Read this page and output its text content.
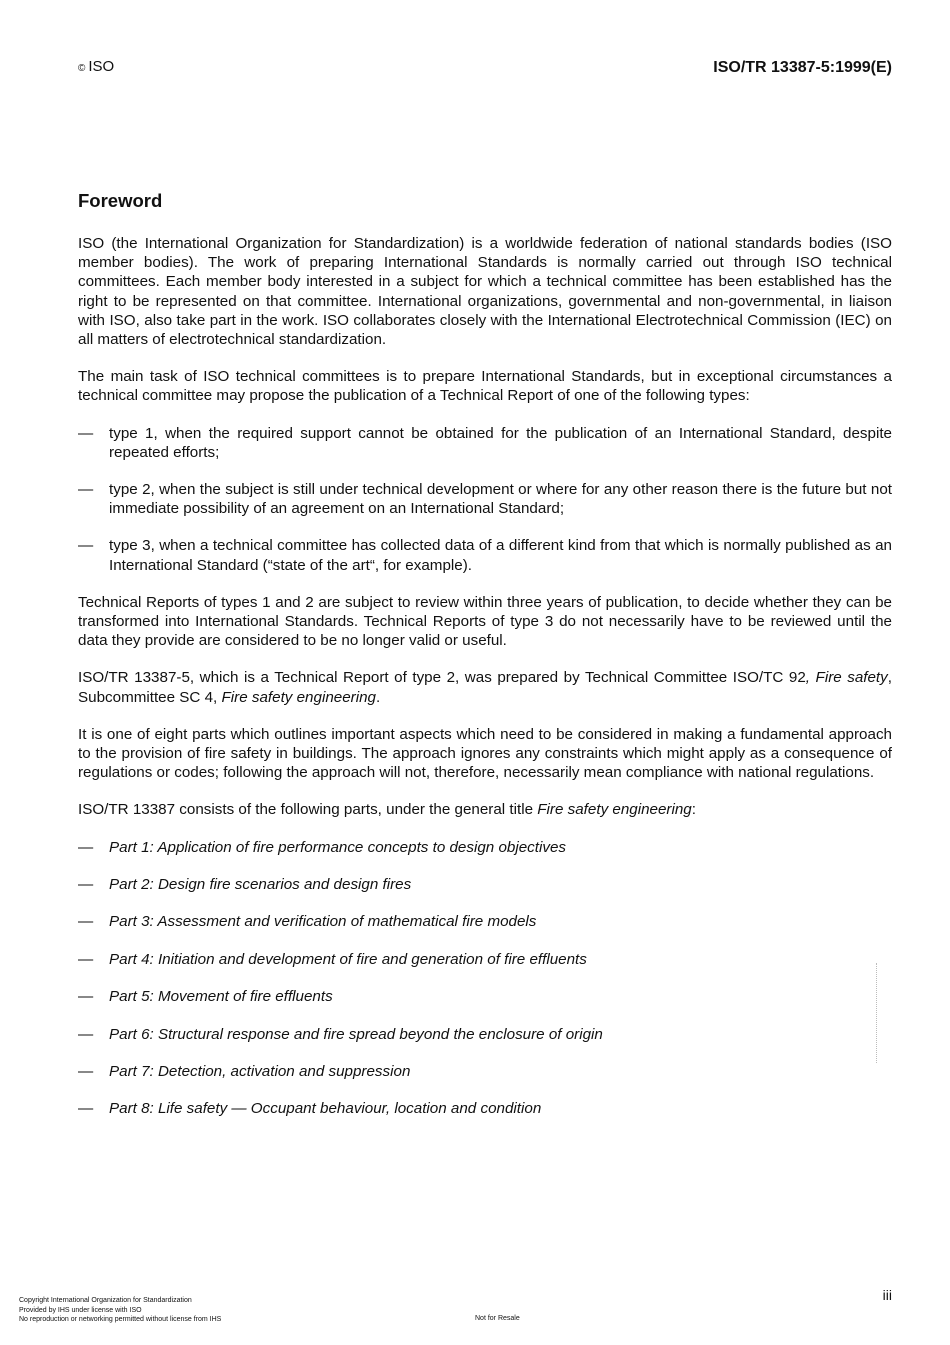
© ISO	ISO/TR 13387-5:1999(E)
Foreword

ISO (the International Organization for Standardization) is a worldwide federation of national standards bodies (ISO member bodies). The work of preparing International Standards is normally carried out through ISO technical committees. Each member body interested in a subject for which a technical committee has been established has the right to be represented on that committee. International organizations, governmental and non-governmental, in liaison with ISO, also take part in the work. ISO collaborates closely with the International Electrotechnical Commission (IEC) on all matters of electrotechnical standardization.

The main task of ISO technical committees is to prepare International Standards, but in exceptional circumstances a technical committee may propose the publication of a Technical Report of one of the following types:

— type 1, when the required support cannot be obtained for the publication of an International Standard, despite repeated efforts;
— type 2, when the subject is still under technical development or where for any other reason there is the future but not immediate possibility of an agreement on an International Standard;
— type 3, when a technical committee has collected data of a different kind from that which is normally published as an International Standard (“state of the art“, for example).

Technical Reports of types 1 and 2 are subject to review within three years of publication, to decide whether they can be transformed into International Standards. Technical Reports of type 3 do not necessarily have to be reviewed until the data they provide are considered to be no longer valid or useful.

ISO/TR 13387-5, which is a Technical Report of type 2, was prepared by Technical Committee ISO/TC 92, Fire safety, Subcommittee SC 4, Fire safety engineering.

It is one of eight parts which outlines important aspects which need to be considered in making a fundamental approach to the provision of fire safety in buildings. The approach ignores any constraints which might apply as a consequence of regulations or codes; following the approach will not, therefore, necessarily mean compliance with national regulations.

ISO/TR 13387 consists of the following parts, under the general title Fire safety engineering:

— Part 1: Application of fire performance concepts to design objectives
— Part 2: Design fire scenarios and design fires
— Part 3: Assessment and verification of mathematical fire models
— Part 4: Initiation and development of fire and generation of fire effluents
— Part 5: Movement of fire effluents
— Part 6: Structural response and fire spread beyond the enclosure of origin
— Part 7: Detection, activation and suppression
— Part 8: Life safety — Occupant behaviour, location and condition
iii
Copyright International Organization for Standardization
Provided by IHS under license with ISO
No reproduction or networking permitted without license from IHS	Not for Resale
